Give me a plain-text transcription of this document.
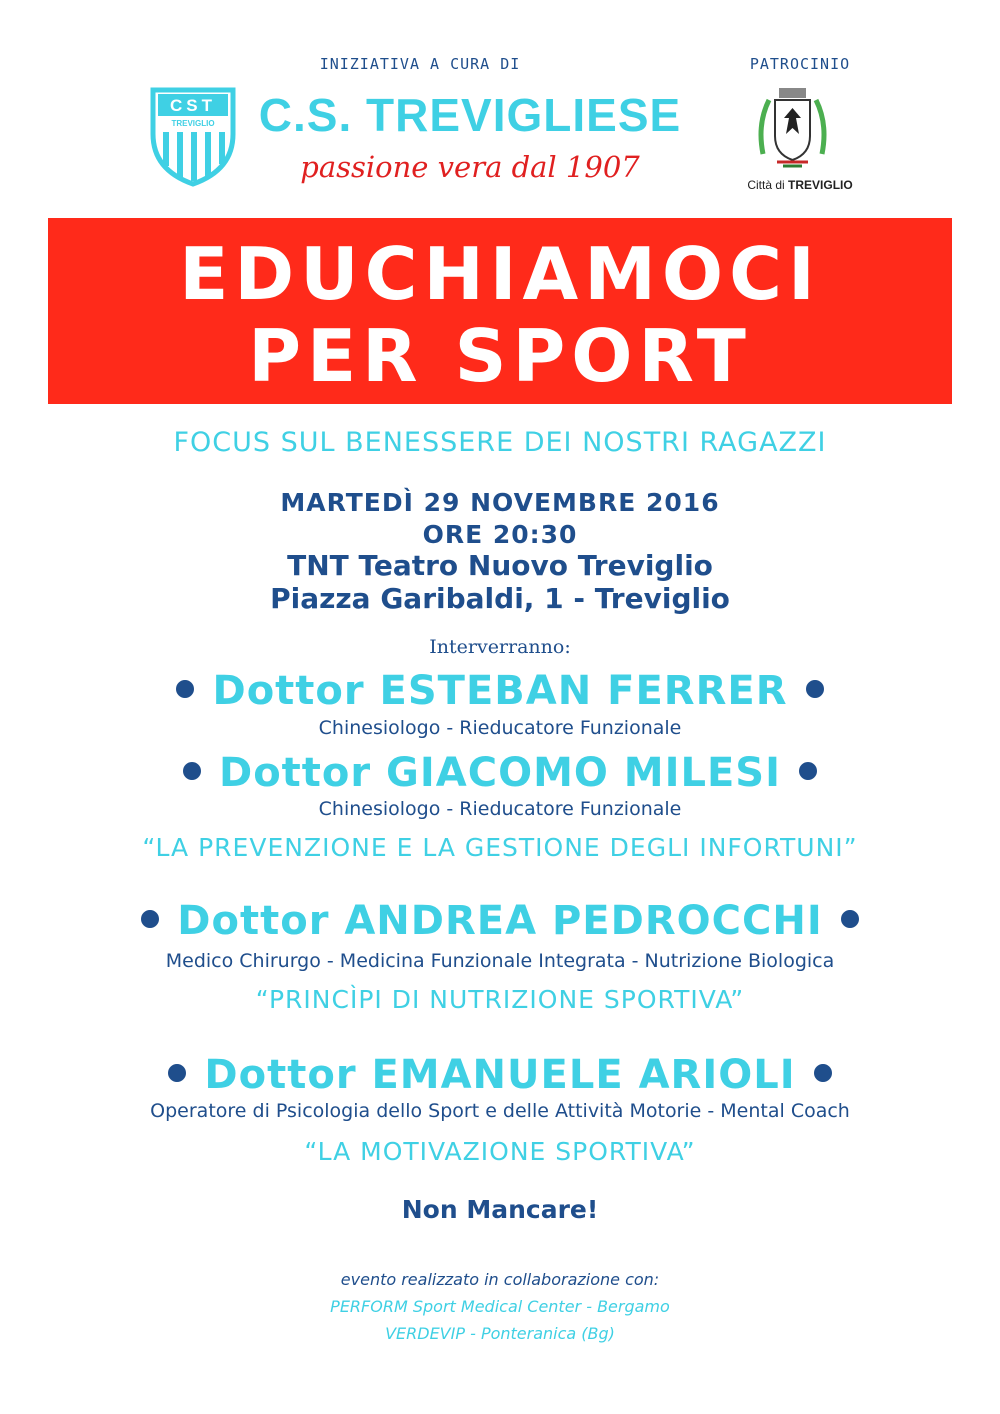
INIZIATIVA A CURA DI	PATROCINIO
CST
TREVIGLIO C.S. TREVIGLIESE
passione vera dal 1907
Città di TREVIGLIO
EDUCHIAMOCI
PER SPORT
FOCUS SUL BENESSERE DEI NOSTRI RAGAZZI
MARTEDÌ 29 NOVEMBRE 2016
ORE 20:30
TNT Teatro Nuovo Treviglio
Piazza Garibaldi, 1 - Treviglio
Interverranno:
Dottor ESTEBAN FERRER
Chinesiologo - Rieducatore Funzionale
Dottor GIACOMO MILESI
Chinesiologo - Rieducatore Funzionale
“LA PREVENZIONE E LA GESTIONE DEGLI INFORTUNI”
Dottor ANDREA PEDROCCHI
Medico Chirurgo - Medicina Funzionale Integrata - Nutrizione Biologica
“PRINCÌPI DI NUTRIZIONE SPORTIVA”
Dottor EMANUELE ARIOLI
Operatore di Psicologia dello Sport e delle Attività Motorie - Mental Coach
“LA MOTIVAZIONE SPORTIVA”
Non Mancare!
evento realizzato in collaborazione con:
PERFORM Sport Medical Center - Bergamo
VERDEVIP - Ponteranica (Bg)
